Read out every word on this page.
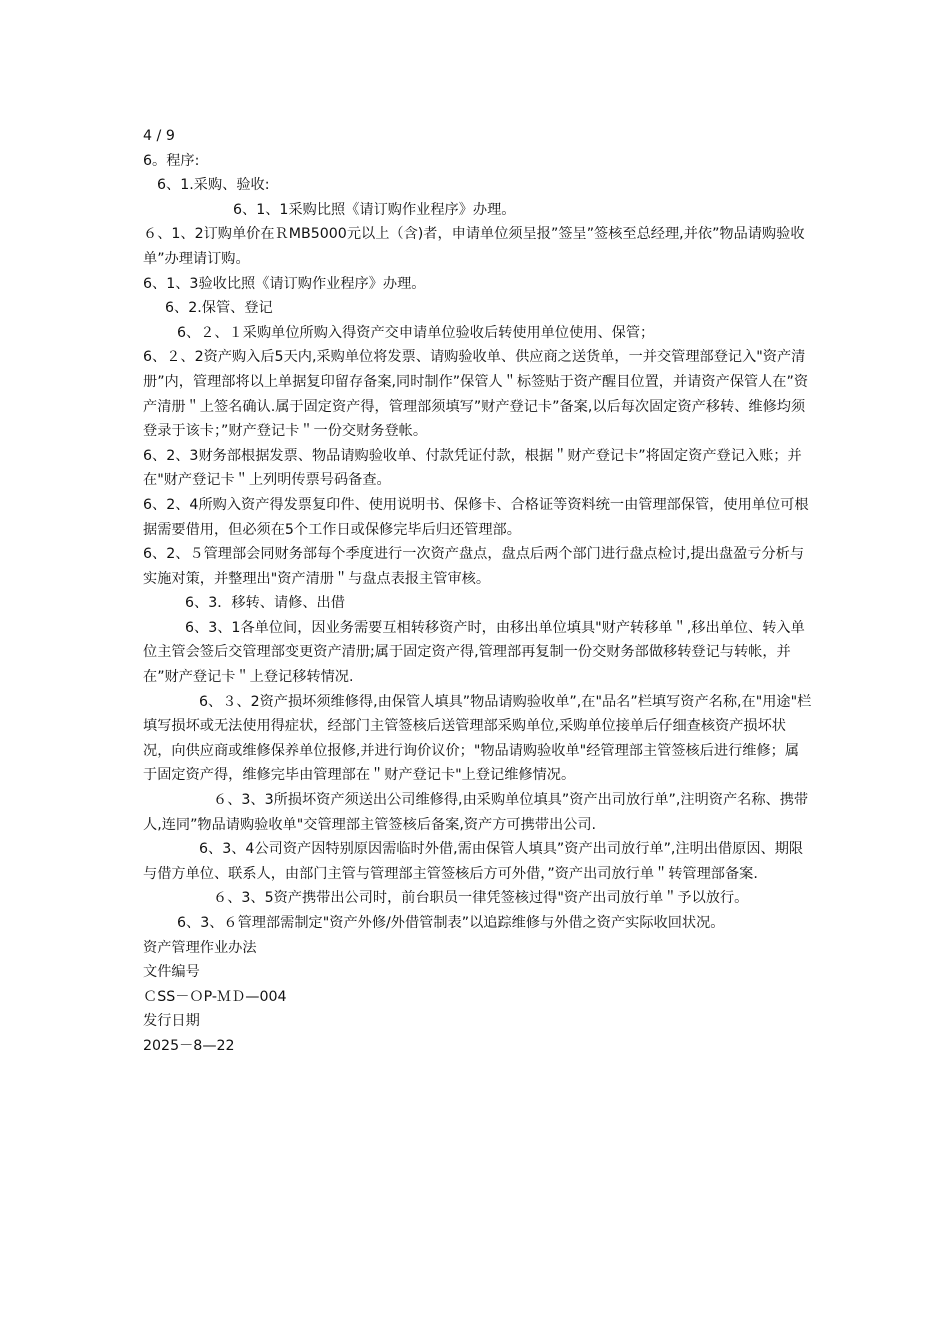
4 / 9

6。程序:

6、1.采购、验收:

6、1、1采购比照《请订购作业程序》办理。

６、1、2订购单价在ＲMB5000元以上（含)者，申请单位须呈报”签呈”签核至总经理,并依”物品请购验收单”办理请订购。

6、1、3验收比照《请订购作业程序》办理。

6、2.保管、登记

6、２、１采购单位所购入得资产交申请单位验收后转使用单位使用、保管；

6、２、2资产购入后5天内,采购单位将发票、请购验收单、供应商之送货单，一并交管理部登记入"资产清册”内，管理部将以上单据复印留存备案,同时制作”保管人＂标签贴于资产醒目位置，并请资产保管人在”资产清册＂上签名确认.属于固定资产得，管理部须填写”财产登记卡”备案,以后每次固定资产移转、维修均须登录于该卡；”财产登记卡＂一份交财务登帐。

6、2、3财务部根据发票、物品请购验收单、付款凭证付款，根据＂财产登记卡”将固定资产登记入账；并在"财产登记卡＂上列明传票号码备查。

6、2、4所购入资产得发票复印件、使用说明书、保修卡、合格证等资料统一由管理部保管，使用单位可根据需要借用，但必须在5个工作日或保修完毕后归还管理部。

6、2、５管理部会同财务部每个季度进行一次资产盘点，盘点后两个部门进行盘点检讨,提出盘盈亏分析与实施对策，并整理出"资产清册＂与盘点表报主管审核。

6、3．移转、请修、出借

6、3、1各单位间，因业务需要互相转移资产时，由移出单位填具"财产转移单＂,移出单位、转入单位主管会签后交管理部变更资产清册;属于固定资产得,管理部再复制一份交财务部做移转登记与转帐，并在”财产登记卡＂上登记移转情况.

6、３、2资产损坏须维修得,由保管人填具”物品请购验收单”,在"品名”栏填写资产名称,在"用途"栏填写损坏或无法使用得症状，经部门主管签核后送管理部采购单位,采购单位接单后仔细查核资产损坏状况，向供应商或维修保养单位报修,并进行询价议价；"物品请购验收单"经管理部主管签核后进行维修；属于固定资产得，维修完毕由管理部在＂财产登记卡"上登记维修情况。

６、3、3所损坏资产须送出公司维修得,由采购单位填具”资产出司放行单”,注明资产名称、携带人,连同”物品请购验收单"交管理部主管签核后备案,资产方可携带出公司.

6、3、4公司资产因特别原因需临时外借,需由保管人填具”资产出司放行单”,注明出借原因、期限与借方单位、联系人，由部门主管与管理部主管签核后方可外借，”资产出司放行单＂转管理部备案.

６、3、5资产携带出公司时，前台职员一律凭签核过得"资产出司放行单＂予以放行。

6、3、６管理部需制定"资产外修/外借管制表”以追踪维修与外借之资产实际收回状况。

资产管理作业办法

文件编号

ＣSS－ＯP-ＭＤ—004

发行日期

2025－8—22
